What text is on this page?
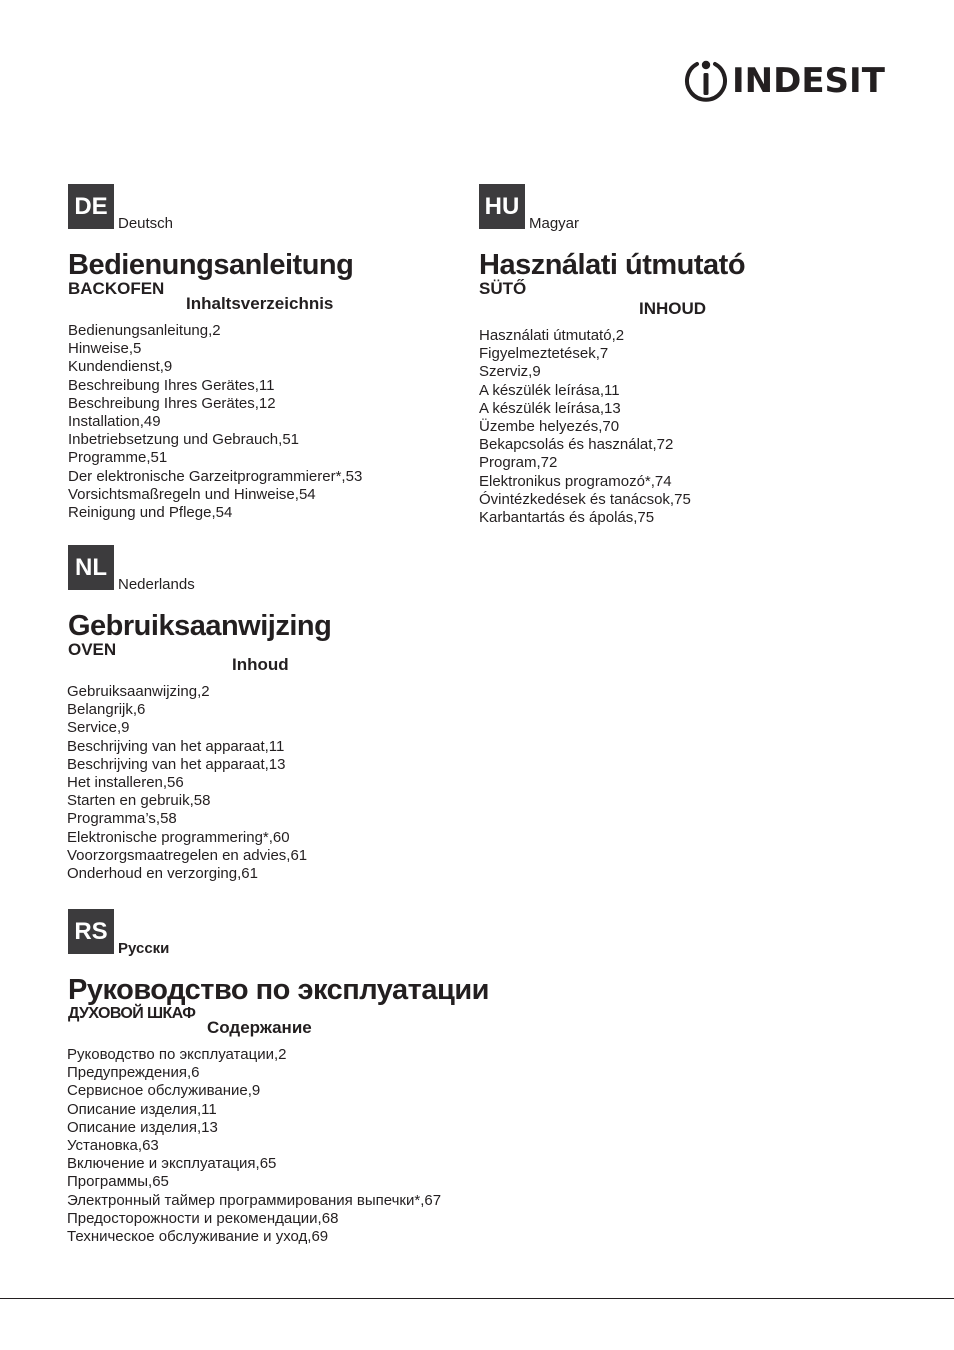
INDESIT
DE
Deutsch
Bedienungsanleitung
BACKOFEN
Inhaltsverzeichnis
Bedienungsanleitung,2
Hinweise,5
Kundendienst,9
Beschreibung Ihres Gerätes,11
Beschreibung Ihres Gerätes,12
Installation,49
Inbetriebsetzung und Gebrauch,51
Programme,51
Der elektronische Garzeitprogrammierer*,53
Vorsichtsmaßregeln und Hinweise,54
Reinigung und Pflege,54
HU
Magyar
Használati útmutató
SÜTŐ
INHOUD
Használati útmutató,2
Figyelmeztetések,7
Szerviz,9
A készülék leírása,11
A készülék leírása,13
Üzembe helyezés,70
Bekapcsolás és használat,72
Program,72
Elektronikus programozó*,74
Óvintézkedések és tanácsok,75
Karbantartás és ápolás,75
NL
Nederlands
Gebruiksaanwijzing
OVEN
Inhoud
Gebruiksaanwijzing,2
Belangrijk,6
Service,9
Beschrijving van het apparaat,11
Beschrijving van het apparaat,13
Het installeren,56
Starten en gebruik,58
Programma’s,58
Elektronische programmering*,60
Voorzorgsmaatregelen en advies,61
Onderhoud en verzorging,61
RS
Русски
Руководство по эксплуатации
ДУХОВОЙ ШКАФ
Содержание
Руководство по эксплуатации,2
Предупреждения,6
Сервисное обслуживание,9
Описание изделия,11
Описание изделия,13
Установка,63
Включение и эксплуатация,65
Программы,65
Электронный таймер программирования выпечки*,67
Предосторожности и рекомендации,68
Техническое обслуживание и уход,69
